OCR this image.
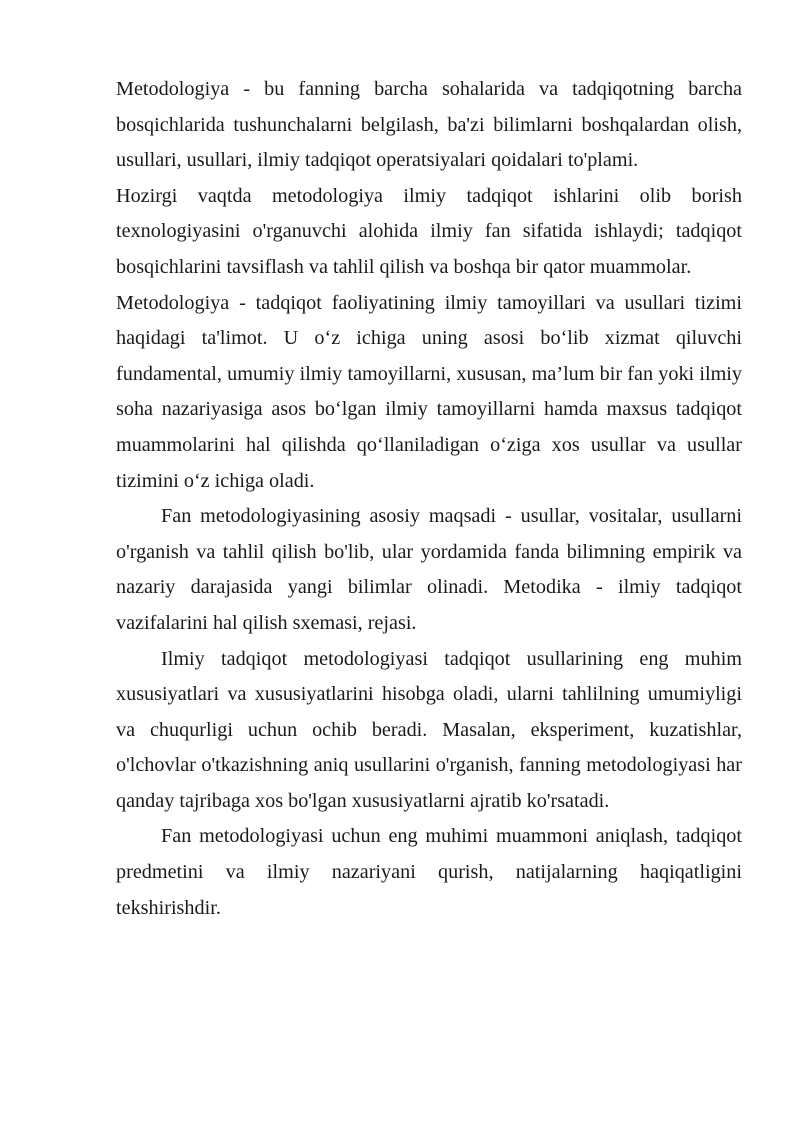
Metodologiya - bu fanning barcha sohalarida va tadqiqotning barcha bosqichlarida tushunchalarni belgilash, ba'zi bilimlarni boshqalardan olish, usullari, usullari, ilmiy tadqiqot operatsiyalari qoidalari to'plami.

Hozirgi vaqtda metodologiya ilmiy tadqiqot ishlarini olib borish texnologiyasini o'rganuvchi alohida ilmiy fan sifatida ishlaydi; tadqiqot bosqichlarini tavsiflash va tahlil qilish va boshqa bir qator muammolar.

Metodologiya - tadqiqot faoliyatining ilmiy tamoyillari va usullari tizimi haqidagi ta'limot. U o‘z ichiga uning asosi bo‘lib xizmat qiluvchi fundamental, umumiy ilmiy tamoyillarni, xususan, ma’lum bir fan yoki ilmiy soha nazariyasiga asos bo‘lgan ilmiy tamoyillarni hamda maxsus tadqiqot muammolarini hal qilishda qo‘llaniladigan o‘ziga xos usullar va usullar tizimini o‘z ichiga oladi.

Fan metodologiyasining asosiy maqsadi - usullar, vositalar, usullarni o'rganish va tahlil qilish bo'lib, ular yordamida fanda bilimning empirik va nazariy darajasida yangi bilimlar olinadi. Metodika - ilmiy tadqiqot vazifalarini hal qilish sxemasi, rejasi.

Ilmiy tadqiqot metodologiyasi tadqiqot usullarining eng muhim xususiyatlari va xususiyatlarini hisobga oladi, ularni tahlilning umumiyligi va chuqurligi uchun ochib beradi. Masalan, eksperiment, kuzatishlar, o'lchovlar o'tkazishning aniq usullarini o'rganish, fanning metodologiyasi har qanday tajribaga xos bo'lgan xususiyatlarni ajratib ko'rsatadi.

Fan metodologiyasi uchun eng muhimi muammoni aniqlash, tadqiqot predmetini va ilmiy nazariyani qurish, natijalarning haqiqatligini tekshirishdir.
